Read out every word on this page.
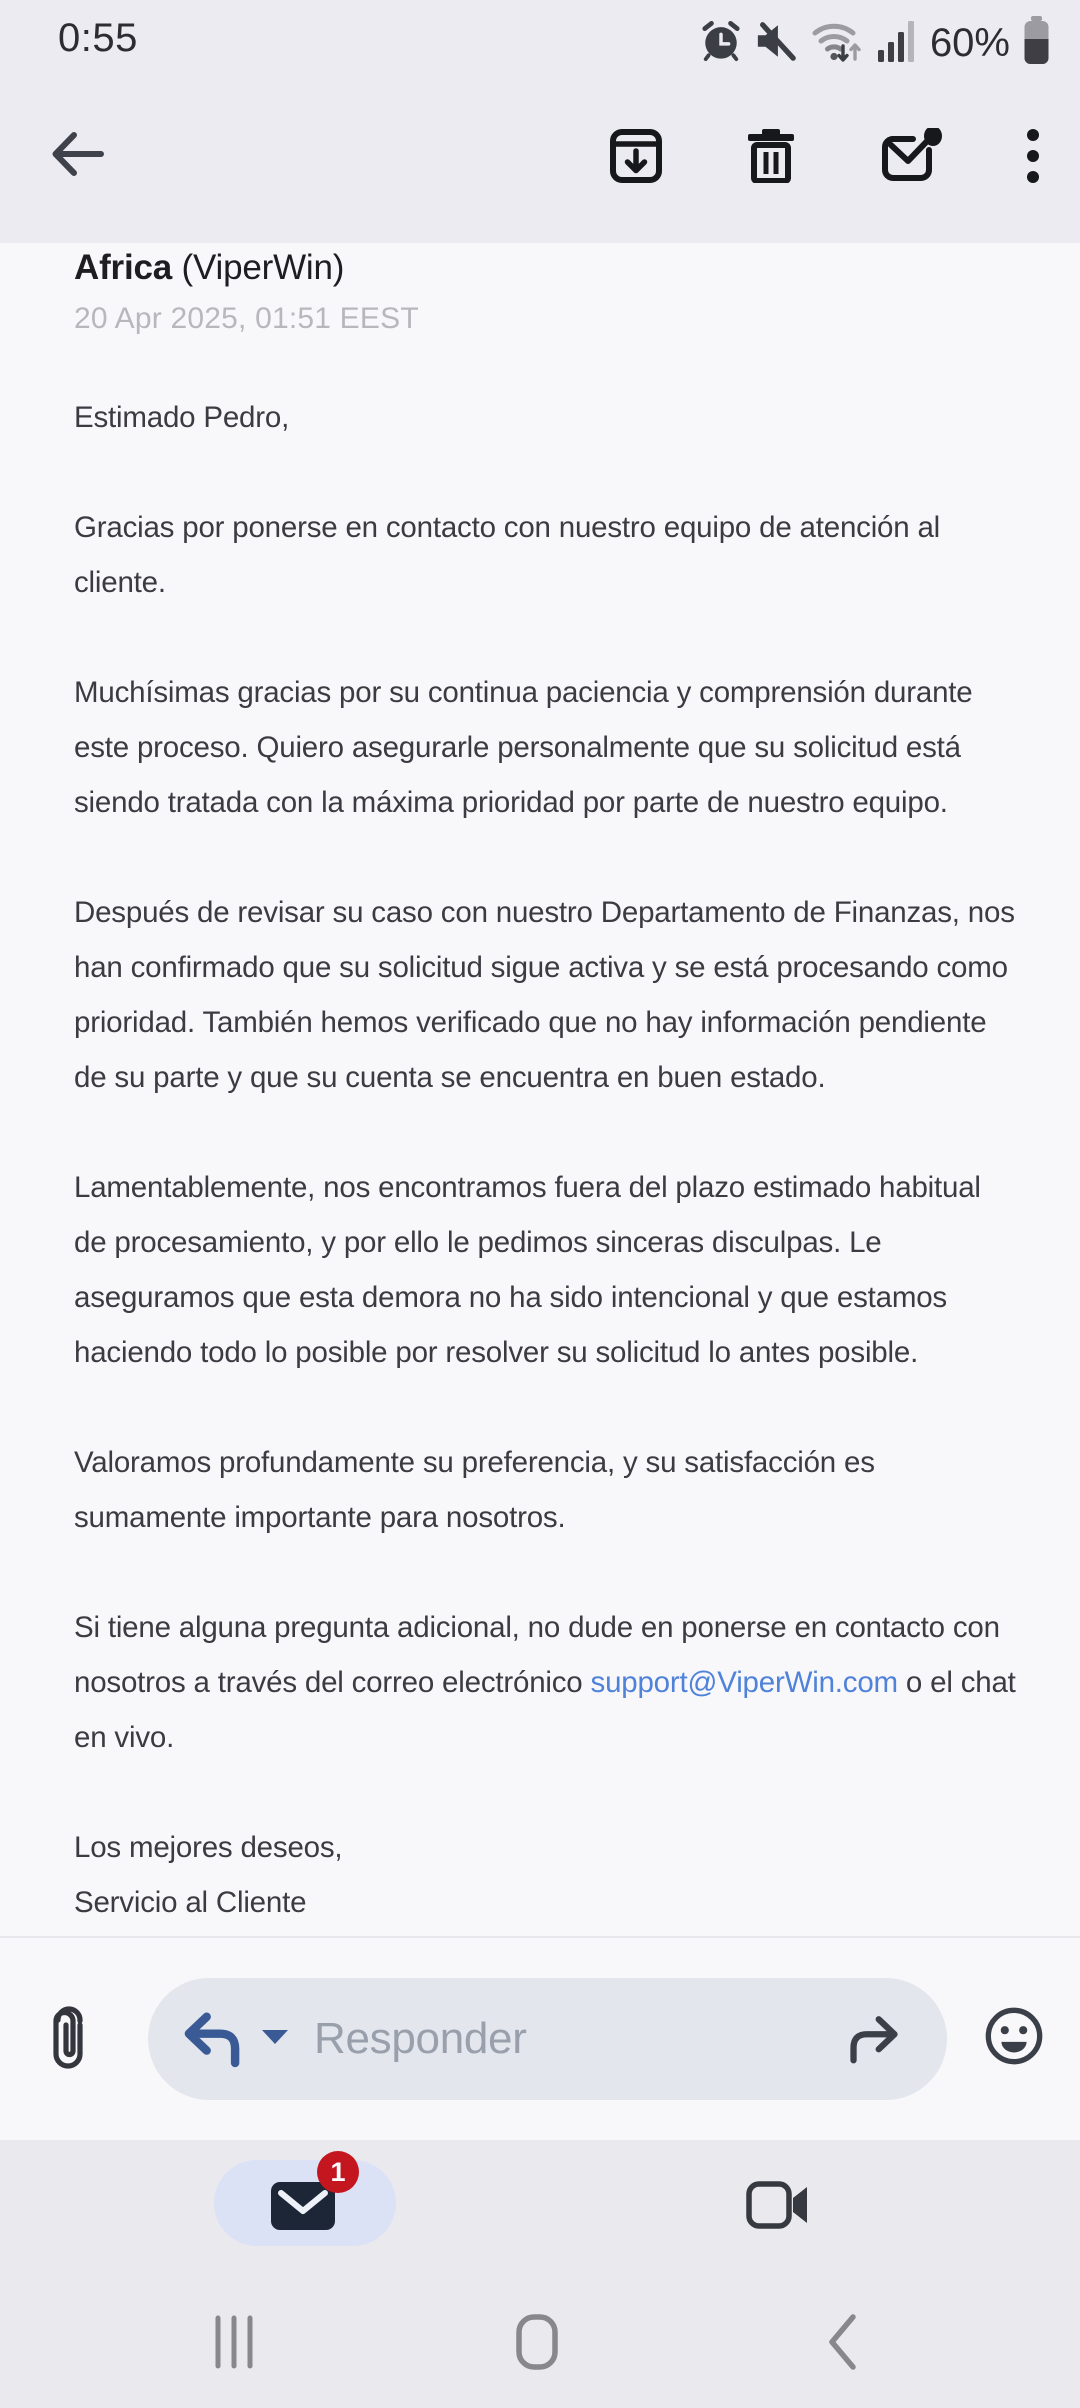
0:55	60%
Africa (ViperWin)
20 Apr 2025, 01:51 EEST

Estimado Pedro,

Gracias por ponerse en contacto con nuestro equipo de atención al cliente.

Muchísimas gracias por su continua paciencia y comprensión durante este proceso. Quiero asegurarle personalmente que su solicitud está siendo tratada con la máxima prioridad por parte de nuestro equipo.

Después de revisar su caso con nuestro Departamento de Finanzas, nos han confirmado que su solicitud sigue activa y se está procesando como prioridad. También hemos verificado que no hay información pendiente de su parte y que su cuenta se encuentra en buen estado.

Lamentablemente, nos encontramos fuera del plazo estimado habitual de procesamiento, y por ello le pedimos sinceras disculpas. Le aseguramos que esta demora no ha sido intencional y que estamos haciendo todo lo posible por resolver su solicitud lo antes posible.

Valoramos profundamente su preferencia, y su satisfacción es sumamente importante para nosotros.

Si tiene alguna pregunta adicional, no dude en ponerse en contacto con nosotros a través del correo electrónico support@ViperWin.com o el chat en vivo.

Los mejores deseos,

Servicio al Cliente

Responder
1
